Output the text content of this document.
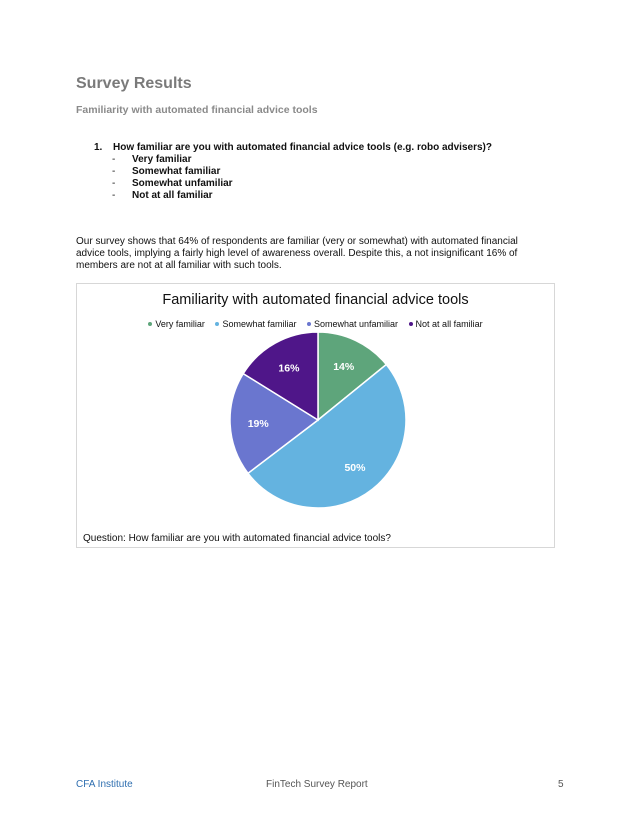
Survey Results
Familiarity with automated financial advice tools
1. How familiar are you with automated financial advice tools (e.g. robo advisers)?
- Very familiar
- Somewhat familiar
- Somewhat unfamiliar
- Not at all familiar

Our survey shows that 64% of respondents are familiar (very or somewhat) with automated financial advice tools, implying a fairly high level of awareness overall. Despite this, a not insignificant 16% of members are not at all familiar with such tools.

Familiarity with automated financial advice tools
Very familiar Somewhat familiar Somewhat unfamiliar Not at all familiar
14%
50%
19%
16%
Question: How familiar are you with automated financial advice tools?
CFA Institute	FinTech Survey Report	5
